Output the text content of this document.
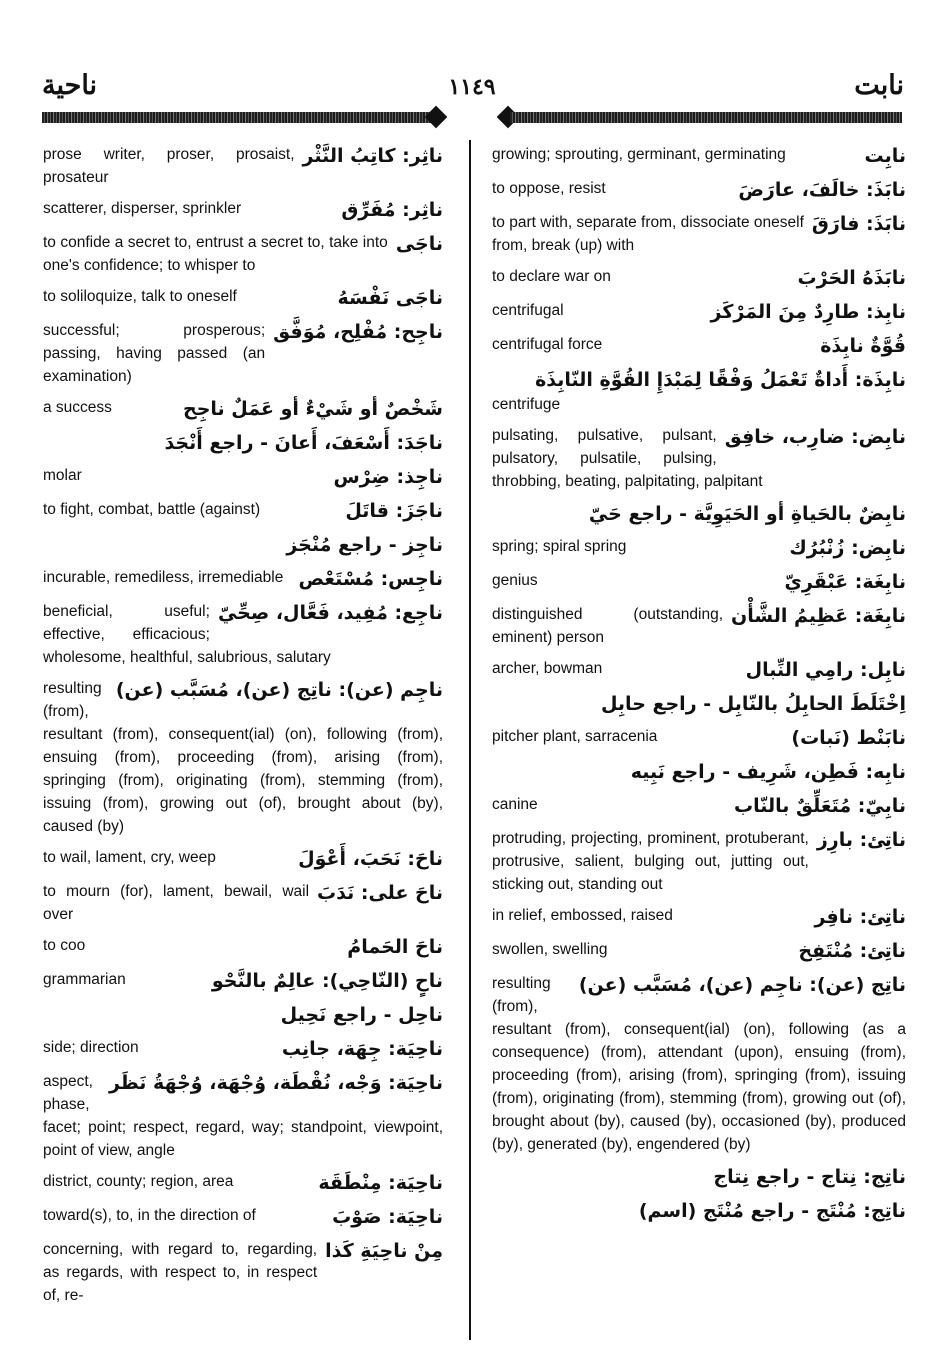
ناحية	١١٤٩	نابت
ناثِر: كاتِبُ النَّثْر
prose writer, proser, prosaist, prosateur
ناثِر: مُفَرِّق
scatterer, disperser, sprinkler
ناجَى
to confide a secret to, entrust a secret to, take into one's confidence; to whisper to
ناجَى نَفْسَهُ
to soliloquize, talk to oneself
ناجِح: مُفْلِح، مُوَفَّق
successful; prosperous; passing, having passed (an examination)
شَخْصٌ أو شَيْءٌ أو عَمَلٌ ناجِح
a success
ناجَدَ: أَسْعَفَ، أَعانَ - راجع أَنْجَدَ
ناجِذ: ضِرْس
molar
ناجَزَ: قاتَلَ
to fight, combat, battle (against)
ناجِز - راجع مُنْجَز
ناجِس: مُسْتَعْص
incurable, remediless, irremediable
ناجِع: مُفِيد، فَعَّال، صِحِّيّ
beneficial, useful; effective, efficacious; wholesome, healthful, salubrious, salutary
ناجِم (عن): ناتِج (عن)، مُسَبَّب (عن)
resulting (from), resultant (from), consequent(ial) (on), following (from), ensuing (from), proceeding (from), arising (from), springing (from), originating (from), stemming (from), issuing (from), growing out (of), brought about (by), caused (by)
ناحَ: نَحَبَ، أَعْوَلَ
to wail, lament, cry, weep
ناحَ على: نَدَبَ
to mourn (for), lament, bewail, wail over
ناحَ الحَمامُ
to coo
ناحٍ (النّاحِي): عالِمٌ بالنَّحْو
grammarian
ناحِل - راجع نَحِيل
ناحِيَة: جِهَة، جانِب
side; direction
ناحِيَة: وَجْه، نُقْطَة، وُجْهَة، وُجْهَةُ نَظَر
aspect, phase, facet; point; respect, regard, way; standpoint, viewpoint, point of view, angle
ناحِيَة: مِنْطَقَة
district, county; region, area
ناحِيَة: صَوْبَ
toward(s), to, in the direction of
مِنْ ناحِيَةِ كَذا
concerning, with regard to, regarding, as regards, with respect to, in respect of, re-
نابِت
growing; sprouting, germinant, germinating
نابَذَ: خالَفَ، عارَضَ
to oppose, resist
نابَذَ: فارَقَ
to part with, separate from, dissociate oneself from, break (up) with
نابَذَهُ الحَرْبَ
to declare war on
نابِذ: طارِدٌ مِنَ المَرْكَز
centrifugal
قُوَّةٌ نابِذَة
centrifugal force
نابِذَة: أَداةٌ تَعْمَلُ وَفْقًا لِمَبْدَإِ القُوَّةِ النّابِذَة
centrifuge
نابِض: ضارِب، خافِق
pulsating, pulsative, pulsant, pulsatory, pulsatile, pulsing, throbbing, beating, palpitating, palpitant
نابِضٌ بالحَياةِ أو الحَيَوِيَّة - راجع حَيّ
نابِض: زُنْبُرُك
spring; spiral spring
نابِغَة: عَبْقَرِيّ
genius
نابِغَة: عَظِيمُ الشَّأْن
distinguished (outstanding, eminent) person
نابِل: رامِي النِّبال
archer, bowman
اِخْتَلَطَ الحابِلُ بالنّابِل - راجع حابِل
نابَنْط (نَبات)
pitcher plant, sarracenia
نابِه: فَطِن، شَرِيف - راجع نَبِيه
نابِيّ: مُتَعَلِّقٌ بالنّاب
canine
ناتِئ: بارِز
protruding, projecting, prominent, protuberant, protrusive, salient, bulging out, jutting out, sticking out, standing out
ناتِئ: نافِر
in relief, embossed, raised
ناتِئ: مُنْتَفِخ
swollen, swelling
ناتِج (عن): ناجِم (عن)، مُسَبَّب (عن)
resulting (from), resultant (from), consequent(ial) (on), following (as a consequence) (from), attendant (upon), ensuing (from), proceeding (from), arising (from), springing (from), issuing (from), originating (from), stemming (from), growing out (of), brought about (by), caused (by), occasioned (by), produced (by), generated (by), engendered (by)
ناتِج: نِتاج - راجع نِتاج
ناتِج: مُنْتَج - راجع مُنْتَج (اسم)
